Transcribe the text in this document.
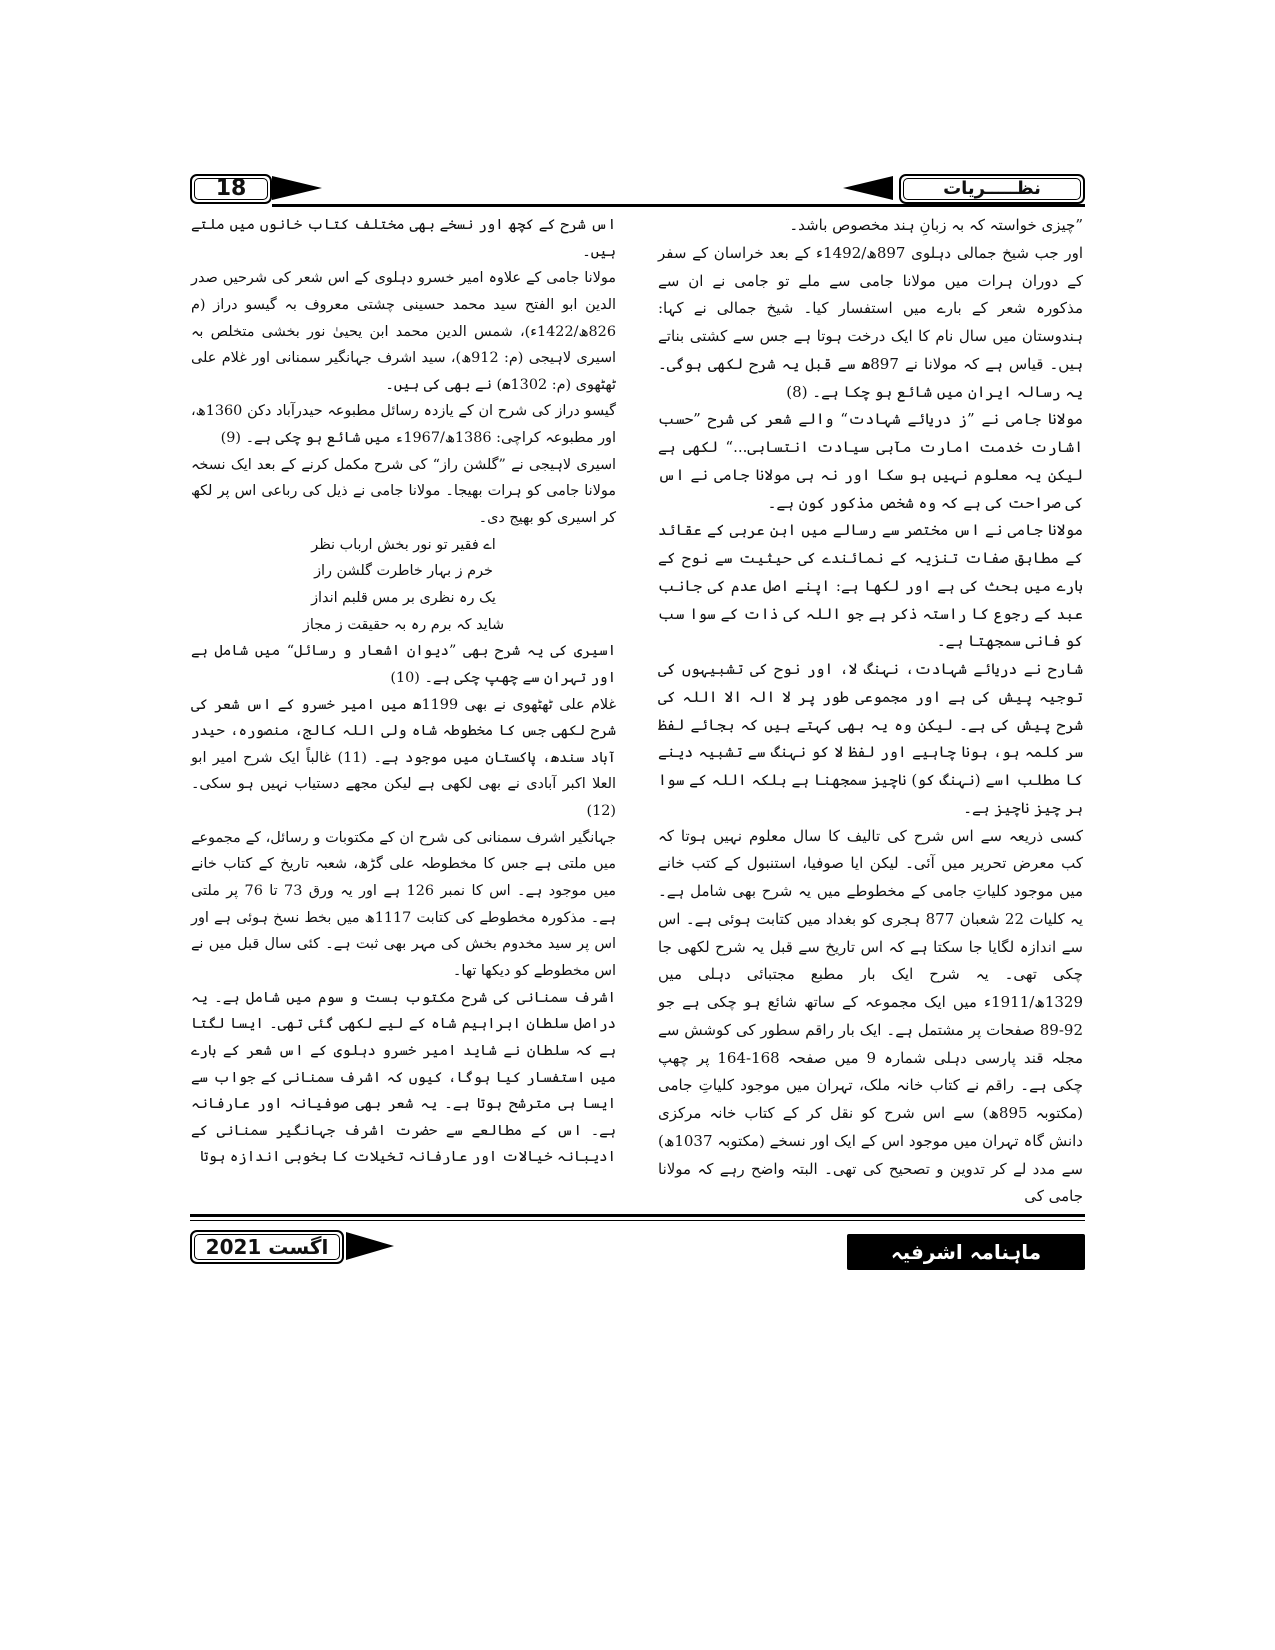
18	نظـــــریات

”چیزی خواستہ کہ بہ زبانِ ہند مخصوص باشد۔

اور جب شیخ جمالی دہلوی 897ھ/1492ء کے بعد خراسان کے سفر کے دوران ہرات میں مولانا جامی سے ملے تو جامی نے ان سے مذکورہ شعر کے بارے میں استفسار کیا۔ شیخ جمالی نے کہا: ہندوستان میں سال نام کا ایک درخت ہوتا ہے جس سے کشتی بناتے ہیں۔ قیاس ہے کہ مولانا نے 897ھ سے قبل یہ شرح لکھی ہوگی۔ یہ رسالہ ایران میں شائع ہو چکا ہے۔ (8)

مولانا جامی نے ”ز دریائے شہادت“ والے شعر کی شرح ”حسب اشارت خدمت امارت مآبی سیادت انتسابی...“ لکھی ہے لیکن یہ معلوم نہیں ہو سکا اور نہ ہی مولانا جامی نے اس کی صراحت کی ہے کہ وہ شخص مذکور کون ہے۔

مولانا جامی نے اس مختصر سے رسالے میں ابن عربی کے عقائد کے مطابق صفات تنزیہ کے نمائندے کی حیثیت سے نوح کے بارے میں بحث کی ہے اور لکھا ہے: اپنے اصل عدم کی جانب عبد کے رجوع کا راستہ ذکر ہے جو اللہ کی ذات کے سوا سب کو فانی سمجھتا ہے۔

شارح نے دریائے شہادت، نہنگ لا، اور نوح کی تشبیہوں کی توجیہ پیش کی ہے اور مجموعی طور پر لا الہ الا اللہ کی شرح پیش کی ہے۔ لیکن وہ یہ بھی کہتے ہیں کہ بجائے لفظ سر کلمہ ہو، ہونا چاہیے اور لفظ لا کو نہنگ سے تشبیہ دینے کا مطلب اسے (نہنگ کو) ناچیز سمجھنا ہے بلکہ اللہ کے سوا ہر چیز ناچیز ہے۔

کسی ذریعہ سے اس شرح کی تالیف کا سال معلوم نہیں ہوتا کہ کب معرض تحریر میں آئی۔ لیکن ایا صوفیا، استنبول کے کتب خانے میں موجود کلیاتِ جامی کے مخطوطے میں یہ شرح بھی شامل ہے۔ یہ کلیات 22 شعبان 877 ہجری کو بغداد میں کتابت ہوئی ہے۔ اس سے اندازہ لگایا جا سکتا ہے کہ اس تاریخ سے قبل یہ شرح لکھی جا چکی تھی۔ یہ شرح ایک بار مطبع مجتبائی دہلی میں 1329ھ/1911ء میں ایک مجموعہ کے ساتھ شائع ہو چکی ہے جو 92-89 صفحات پر مشتمل ہے۔ ایک بار راقم سطور کی کوشش سے مجلہ قند پارسی دہلی شمارہ 9 میں صفحہ 168-164 پر چھپ چکی ہے۔ راقم نے کتاب خانہ ملک، تہران میں موجود کلیاتِ جامی (مکتوبہ 895ھ) سے اس شرح کو نقل کر کے کتاب خانہ مرکزی دانش گاہ تہران میں موجود اس کے ایک اور نسخے (مکتوبہ 1037ھ) سے مدد لے کر تدوین و تصحیح کی تھی۔ البتہ واضح رہے کہ مولانا جامی کی

اس شرح کے کچھ اور نسخے بھی مختلف کتاب خانوں میں ملتے ہیں۔

مولانا جامی کے علاوہ امیر خسرو دہلوی کے اس شعر کی شرحیں صدر الدین ابو الفتح سید محمد حسینی چشتی معروف بہ گیسو دراز (م 826ھ/1422ء)، شمس الدین محمد ابن یحییٰ نور بخشی متخلص بہ اسیری لاہیجی (م: 912ھ)، سید اشرف جہانگیر سمنانی اور غلام علی ٹھٹھوی (م: 1302ھ) نے بھی کی ہیں۔

گیسو دراز کی شرح ان کے یازدہ رسائل مطبوعہ حیدرآباد دکن 1360ھ، اور مطبوعہ کراچی: 1386ھ/1967ء میں شائع ہو چکی ہے۔ (9)

اسیری لاہیجی نے ”گلشن راز“ کی شرح مکمل کرنے کے بعد ایک نسخہ مولانا جامی کو ہرات بھیجا۔ مولانا جامی نے ذیل کی رباعی اس پر لکھ کر اسیری کو بھیج دی۔

اے فقیر تو نور بخش ارباب نظر

خرم ز بہار خاطرت گلشن راز

یک رہ نظری بر مس قلبم انداز

شاید کہ برم رہ بہ حقیقت ز مجاز

اسیری کی یہ شرح بھی ”دیوان اشعار و رسائل“ میں شامل ہے اور تہران سے چھپ چکی ہے۔ (10)

غلام علی ٹھٹھوی نے بھی 1199ھ میں امیر خسرو کے اس شعر کی شرح لکھی جس کا مخطوطہ شاہ ولی اللہ کالج، منصورہ، حیدر آباد سندھ، پاکستان میں موجود ہے۔ (11) غالباً ایک شرح امیر ابو العلا اکبر آبادی نے بھی لکھی ہے لیکن مجھے دستیاب نہیں ہو سکی۔ (12)

جہانگیر اشرف سمنانی کی شرح ان کے مکتوبات و رسائل، کے مجموعے میں ملتی ہے جس کا مخطوطہ علی گڑھ، شعبہ تاریخ کے کتاب خانے میں موجود ہے۔ اس کا نمبر 126 ہے اور یہ ورق 73 تا 76 پر ملتی ہے۔ مذکورہ مخطوطے کی کتابت 1117ھ میں بخط نسخ ہوئی ہے اور اس پر سید مخدوم بخش کی مہر بھی ثبت ہے۔ کئی سال قبل میں نے اس مخطوطے کو دیکھا تھا۔

اشرف سمنانی کی شرح مکتوب بست و سوم میں شامل ہے۔ یہ دراصل سلطان ابراہیم شاہ کے لیے لکھی گئی تھی۔ ایسا لگتا ہے کہ سلطان نے شاید امیر خسرو دہلوی کے اس شعر کے بارے میں استفسار کیا ہوگا، کیوں کہ اشرف سمنانی کے جواب سے ایسا ہی مترشح ہوتا ہے۔ یہ شعر بھی صوفیانہ اور عارفانہ ہے۔ اس کے مطالعے سے حضرت اشرف جہانگیر سمنانی کے ادیبانہ خیالات اور عارفانہ تخیلات کا بخوبی اندازہ ہوتا

اگست 2021	ماہنامہ اشرفیہ
